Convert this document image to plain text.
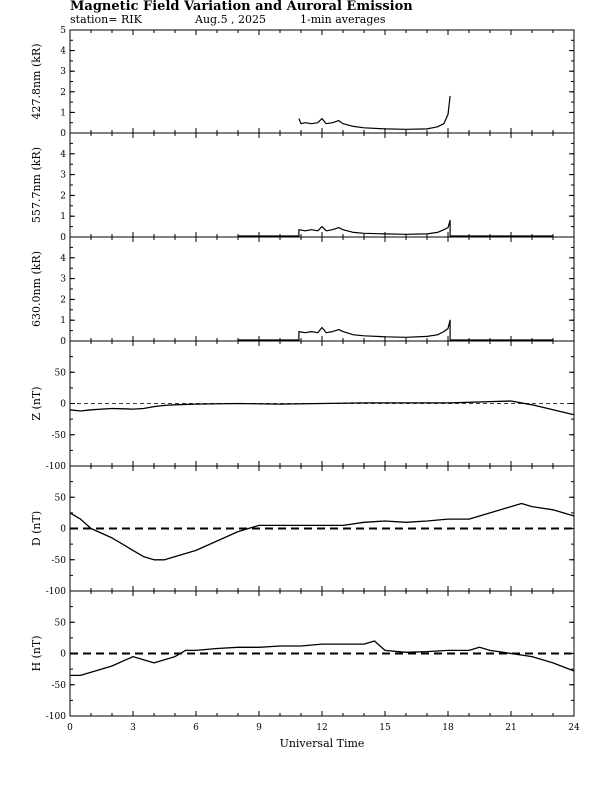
Magnetic Field Variation and Auroral Emission
station= RIK	Aug.5 , 2025	1-min averages
0
1
2
3
4
5
427.8nm (kR)
0
1
2
3
4
557.7nm (kR)
0
1
2
3
4
630.0nm (kR)
-100
-50
0
50
Z (nT)
-100
-50
0
50
D (nT)
-100
-50
0
50
H (nT)
0	3	6	9	12	15	18	21	24
Universal Time
